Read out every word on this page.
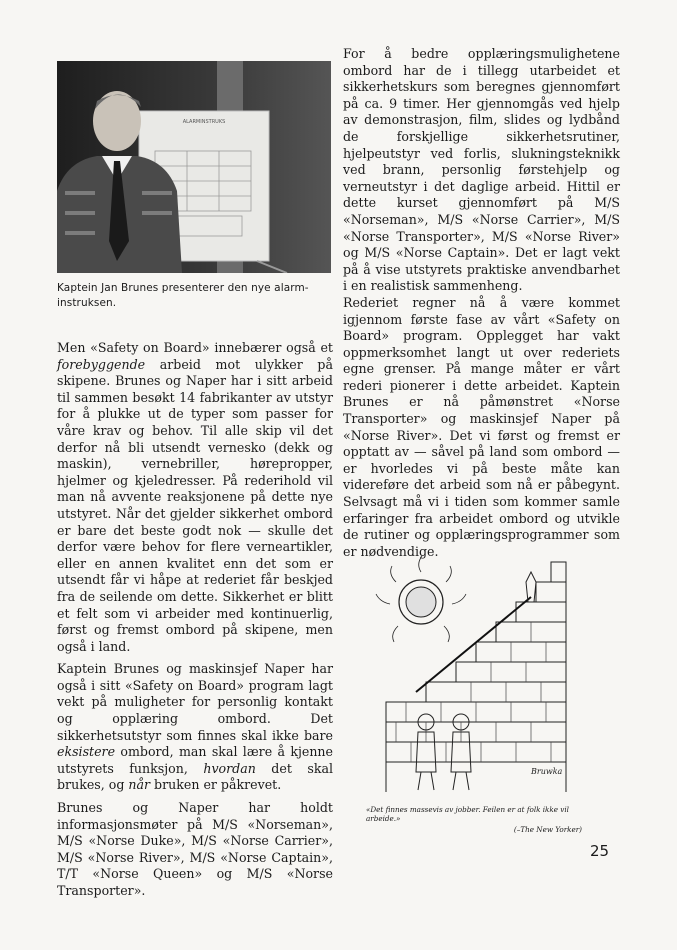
ALARMINSTRUKS
Kaptein Jan Brunes presenterer den nye alarm-instruksen.

Men «Safety on Board» innebærer også et forebyggende arbeid mot ulykker på skipene. Brunes og Naper har i sitt arbeid til sammen besøkt 14 fabrikanter av utstyr for å plukke ut de typer som passer for våre krav og behov. Til alle skip vil det derfor nå bli utsendt vernesko (dekk og maskin), vernebriller, hørepropper, hjelmer og kjeledresser. På rederihold vil man nå avvente reaksjonene på dette nye utstyret. Når det gjelder sikkerhet ombord er bare det beste godt nok — skulle det derfor være behov for flere verneartikler, eller en annen kvalitet enn det som er utsendt får vi håpe at rederiet får beskjed fra de seilende om dette. Sikkerhet er blitt et felt som vi arbeider med kontinuerlig, først og fremst ombord på skipene, men også i land.

Kaptein Brunes og maskinsjef Naper har også i sitt «Safety on Board» program lagt vekt på muligheter for personlig kontakt og opplæring ombord. Det sikkerhetsutstyr som finnes skal ikke bare eksistere ombord, man skal lære å kjenne utstyrets funksjon, hvordan det skal brukes, og når bruken er påkrevet.

Brunes og Naper har holdt informasjonsmøter på M/S «Norseman», M/S «Norse Duke», M/S «Norse Carrier», M/S «Norse River», M/S «Norse Captain», T/T «Norse Queen» og M/S «Norse Transporter».

For å bedre opplæringsmulighetene ombord har de i tillegg utarbeidet et sikkerhetskurs som beregnes gjennomført på ca. 9 timer. Her gjennomgås ved hjelp av demonstrasjon, film, slides og lydbånd de forskjellige sikkerhetsrutiner, hjelpeutstyr ved forlis, slukningsteknikk ved brann, personlig førstehjelp og verneutstyr i det daglige arbeid. Hittil er dette kurset gjennomført på M/S «Norseman», M/S «Norse Carrier», M/S «Norse Transporter», M/S «Norse River» og M/S «Norse Captain». Det er lagt vekt på å vise utstyrets praktiske anvendbarhet i en realistisk sammenheng.

Rederiet regner nå å være kommet igjennom første fase av vårt «Safety on Board» program. Opplegget har vakt oppmerksomhet langt ut over rederiets egne grenser. På mange måter er vårt rederi pionerer i dette arbeidet. Kaptein Brunes er nå påmønstret «Norse Transporter» og maskinsjef Naper på «Norse River». Det vi først og fremst er opptatt av — såvel på land som ombord — er hvorledes vi på beste måte kan videreføre det arbeid som nå er påbegynt. Selvsagt må vi i tiden som kommer samle erfaringer fra arbeidet ombord og utvikle de rutiner og opplæringsprogrammer som er nødvendige.

Bruwka
«Det finnes massevis av jobber. Feilen er at folk ikke vil arbeide.»
(–The New Yorker)
25
